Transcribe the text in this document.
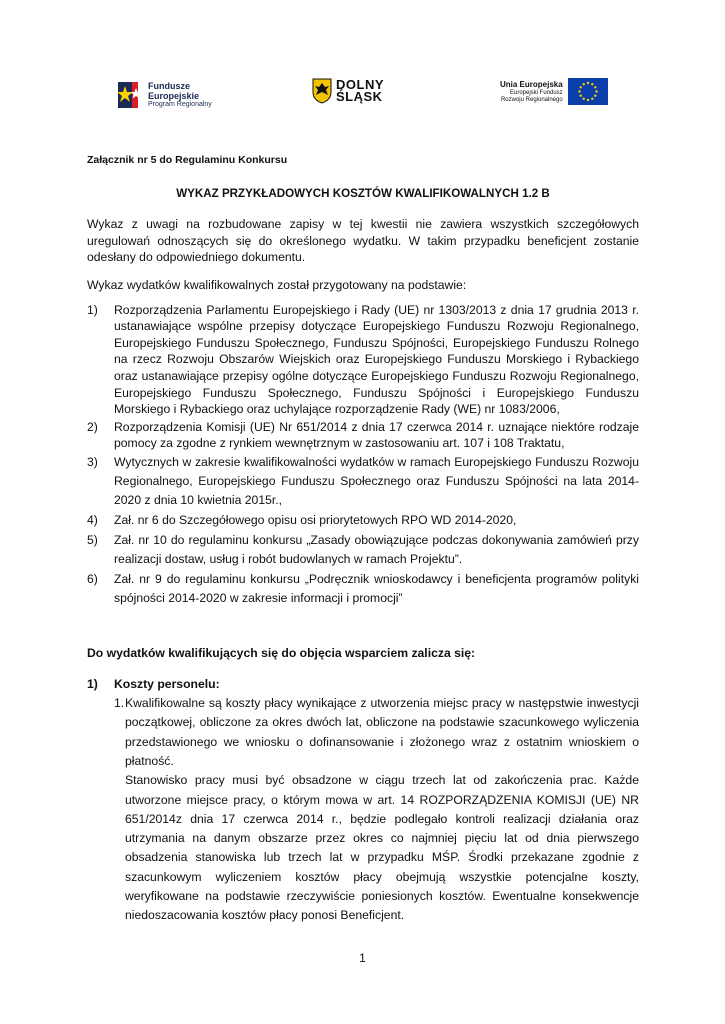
Fundusze
Europejskie
Program Regionalny
DOLNY
ŚLĄSK
Unia Europejska
Europejski Fundusz
Rozwoju Regionalnego

Załącznik nr 5 do Regulaminu Konkursu

WYKAZ PRZYKŁADOWYCH KOSZTÓW KWALIFIKOWALNYCH 1.2 B

Wykaz z uwagi na rozbudowane zapisy w tej kwestii nie zawiera wszystkich szczegółowych uregulowań odnoszących się do określonego wydatku. W takim przypadku beneficjent zostanie odesłany do odpowiedniego dokumentu.

Wykaz wydatków kwalifikowalnych został przygotowany na podstawie:

1)	Rozporządzenia Parlamentu Europejskiego i Rady (UE) nr 1303/2013 z dnia 17 grudnia 2013 r. ustanawiające wspólne przepisy dotyczące Europejskiego Funduszu Rozwoju Regionalnego, Europejskiego Funduszu Społecznego, Funduszu Spójności, Europejskiego Funduszu Rolnego na rzecz Rozwoju Obszarów Wiejskich oraz Europejskiego Funduszu Morskiego i Rybackiego oraz ustanawiające przepisy ogólne dotyczące Europejskiego Funduszu Rozwoju Regionalnego, Europejskiego Funduszu Społecznego, Funduszu Spójności i Europejskiego Funduszu Morskiego i Rybackiego oraz uchylające rozporządzenie Rady (WE) nr 1083/2006,
2)	Rozporządzenia Komisji (UE) Nr 651/2014 z dnia 17 czerwca 2014 r. uznające niektóre rodzaje pomocy za zgodne z rynkiem wewnętrznym w zastosowaniu art. 107 i 108 Traktatu,
3)	Wytycznych w zakresie kwalifikowalności wydatków w ramach Europejskiego Funduszu Rozwoju Regionalnego, Europejskiego Funduszu Społecznego oraz Funduszu Spójności na lata 2014-2020 z dnia 10 kwietnia 2015r.,
4)	Zał. nr 6 do Szczegółowego opisu osi priorytetowych RPO WD 2014-2020,
5)	Zał. nr 10 do regulaminu konkursu „Zasady obowiązujące podczas dokonywania zamówień przy realizacji dostaw, usług i robót budowlanych w ramach Projektu”.
6)	Zał. nr 9 do regulaminu konkursu „Podręcznik wnioskodawcy i beneficjenta programów polityki spójności 2014-2020 w zakresie informacji i promocji”

Do wydatków kwalifikujących się do objęcia wsparciem zalicza się:

1)	Koszty personelu:
1. Kwalifikowalne są koszty płacy wynikające z utworzenia miejsc pracy w następstwie inwestycji początkowej, obliczone za okres dwóch lat, obliczone na podstawie szacunkowego wyliczenia przedstawionego we wniosku o dofinansowanie i złożonego wraz z ostatnim wnioskiem o płatność.

Stanowisko pracy musi być obsadzone w ciągu trzech lat od zakończenia prac. Każde utworzone miejsce pracy, o którym mowa w art. 14 ROZPORZĄDZENIA KOMISJI (UE) NR 651/2014z dnia 17 czerwca 2014 r., będzie podlegało kontroli realizacji działania oraz utrzymania na danym obszarze przez okres co najmniej pięciu lat od dnia pierwszego obsadzenia stanowiska lub trzech lat w przypadku MŚP. Środki przekazane zgodnie z szacunkowym wyliczeniem kosztów płacy obejmują wszystkie potencjalne koszty, weryfikowane na podstawie rzeczywiście poniesionych kosztów. Ewentualne konsekwencje niedoszacowania kosztów płacy ponosi Beneficjent.

1
